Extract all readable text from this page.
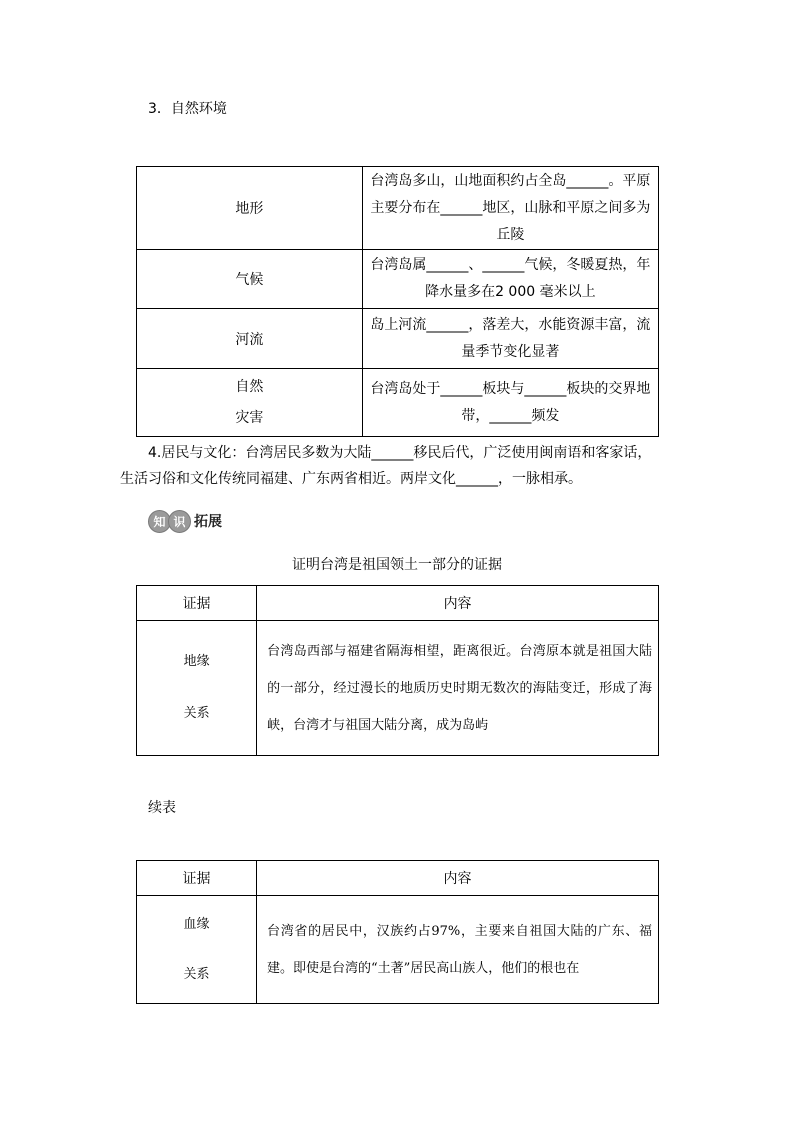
3．自然环境
地形	台湾岛多山，山地面积约占全岛______。平原主要分布在______地区，山脉和平原之间多为丘陵
气候	台湾岛属______、______气候，冬暖夏热，年降水量多在2 000 毫米以上
河流	岛上河流______，落差大，水能资源丰富，流量季节变化显著

自然
灾害	台湾岛处于______板块与______板块的交界地带，______频发
4.居民与文化：台湾居民多数为大陆______移民后代，广泛使用闽南语和客家话，
生活习俗和文化传统同福建、广东两省相近。两岸文化______，一脉相承。
知 识 拓展
证明台湾是祖国领土一部分的证据
证据	内容

地缘
关系	台湾岛西部与福建省隔海相望，距离很近。台湾原本就是祖国大陆的一部分，经过漫长的地质历史时期无数次的海陆变迁，形成了海峡，台湾才与祖国大陆分离，成为岛屿
续表
证据	内容

血缘
关系	台湾省的居民中，汉族约占97%，主要来自祖国大陆的广东、福建。即使是台湾的“土著”居民高山族人，他们的根也在
